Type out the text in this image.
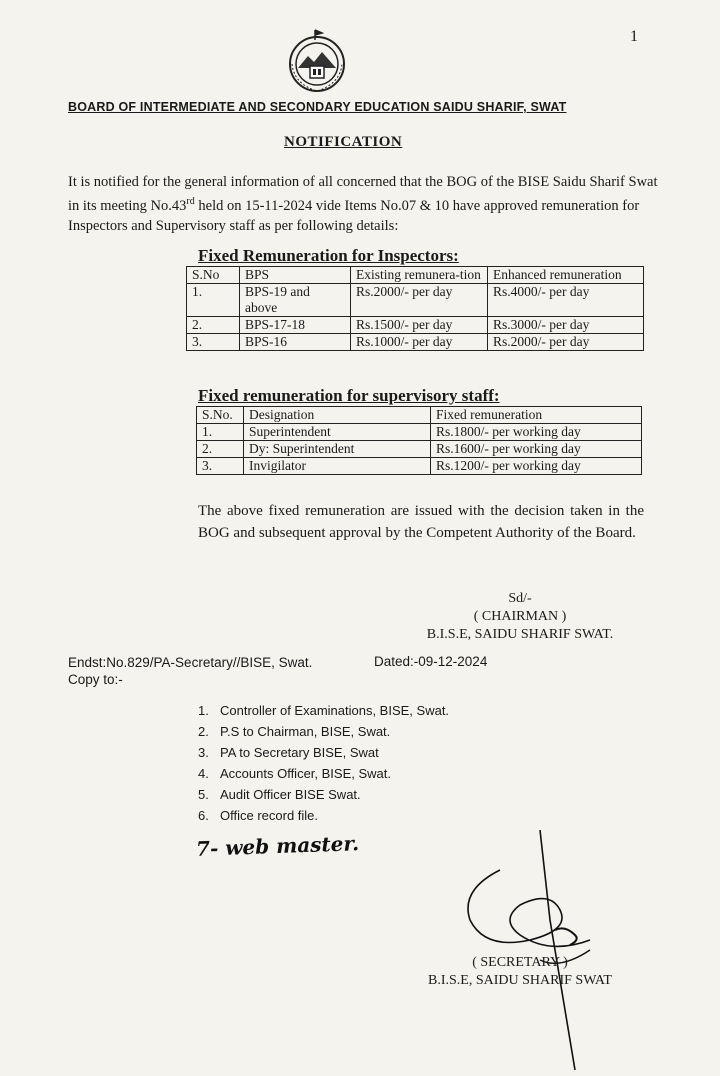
1
BOARD OF INTERMEDIATE AND SECONDARY EDUCATION SAIDU SHARIF, SWAT
NOTIFICATION
It is notified for the general information of all concerned that the BOG of the BISE Saidu Sharif Swat in its meeting No.43rd held on 15-11-2024 vide Items No.07 & 10 have approved remuneration for Inspectors and Supervisory staff as per following details:
Fixed Remuneration for Inspectors:
S.No	BPS	Existing remunera-tion	Enhanced remuneration
1.	BPS-19 and above	Rs.2000/- per day	Rs.4000/- per day
2.	BPS-17-18	Rs.1500/- per day	Rs.3000/- per day
3.	BPS-16	Rs.1000/- per day	Rs.2000/- per day
Fixed remuneration for supervisory staff:
S.No.	Designation	Fixed remuneration
1.	Superintendent	Rs.1800/- per working day
2.	Dy: Superintendent	Rs.1600/- per working day
3.	Invigilator	Rs.1200/- per working day
The above fixed remuneration are issued with the decision taken in the BOG and subsequent approval by the Competent Authority of the Board.
Sd/-
( CHAIRMAN )
B.I.S.E, SAIDU SHARIF SWAT.
Endst:No.829/PA-Secretary//BISE, Swat.
Copy to:-
Dated:-09-12-2024
1. Controller of Examinations, BISE, Swat.
2. P.S to Chairman, BISE, Swat.
3. PA to Secretary BISE, Swat
4. Accounts Officer, BISE, Swat.
5. Audit Officer BISE Swat.
6. Office record file.
7- web master.
( SECRETARY )
B.I.S.E, SAIDU SHARIF SWAT
